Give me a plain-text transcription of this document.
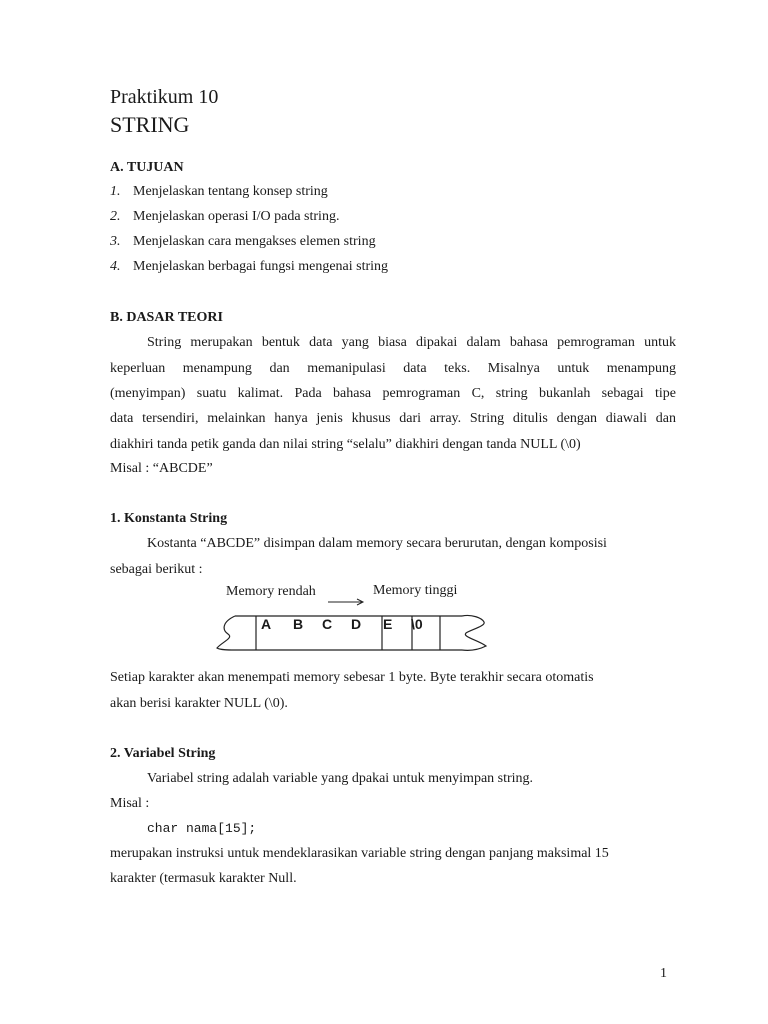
Praktikum 10
STRING
A. TUJUAN
1. Menjelaskan tentang konsep string
2. Menjelaskan operasi I/O pada string.
3. Menjelaskan cara mengakses elemen string
4. Menjelaskan berbagai fungsi mengenai string
B. DASAR TEORI
String merupakan bentuk data yang biasa dipakai dalam bahasa pemrograman untuk
keperluan menampung dan memanipulasi data teks. Misalnya untuk menampung
(menyimpan) suatu kalimat. Pada bahasa pemrograman C, string bukanlah sebagai tipe
data tersendiri, melainkan hanya jenis khusus dari array. String ditulis dengan diawali dan
diakhiri tanda petik ganda dan nilai string “selalu” diakhiri dengan tanda NULL (\0)
Misal : “ABCDE”
1. Konstanta String
Kostanta “ABCDE” disimpan dalam memory secara berurutan, dengan komposisi
sebagai berikut :
Memory rendah	Memory tinggi
A B C D E \0
Setiap karakter akan menempati memory sebesar 1 byte. Byte terakhir secara otomatis
akan berisi karakter NULL (\0).
2. Variabel String
Variabel string adalah variable yang dpakai untuk menyimpan string.
Misal :
char nama[15];
merupakan instruksi untuk mendeklarasikan variable string dengan panjang maksimal 15
karakter (termasuk karakter Null.
1
